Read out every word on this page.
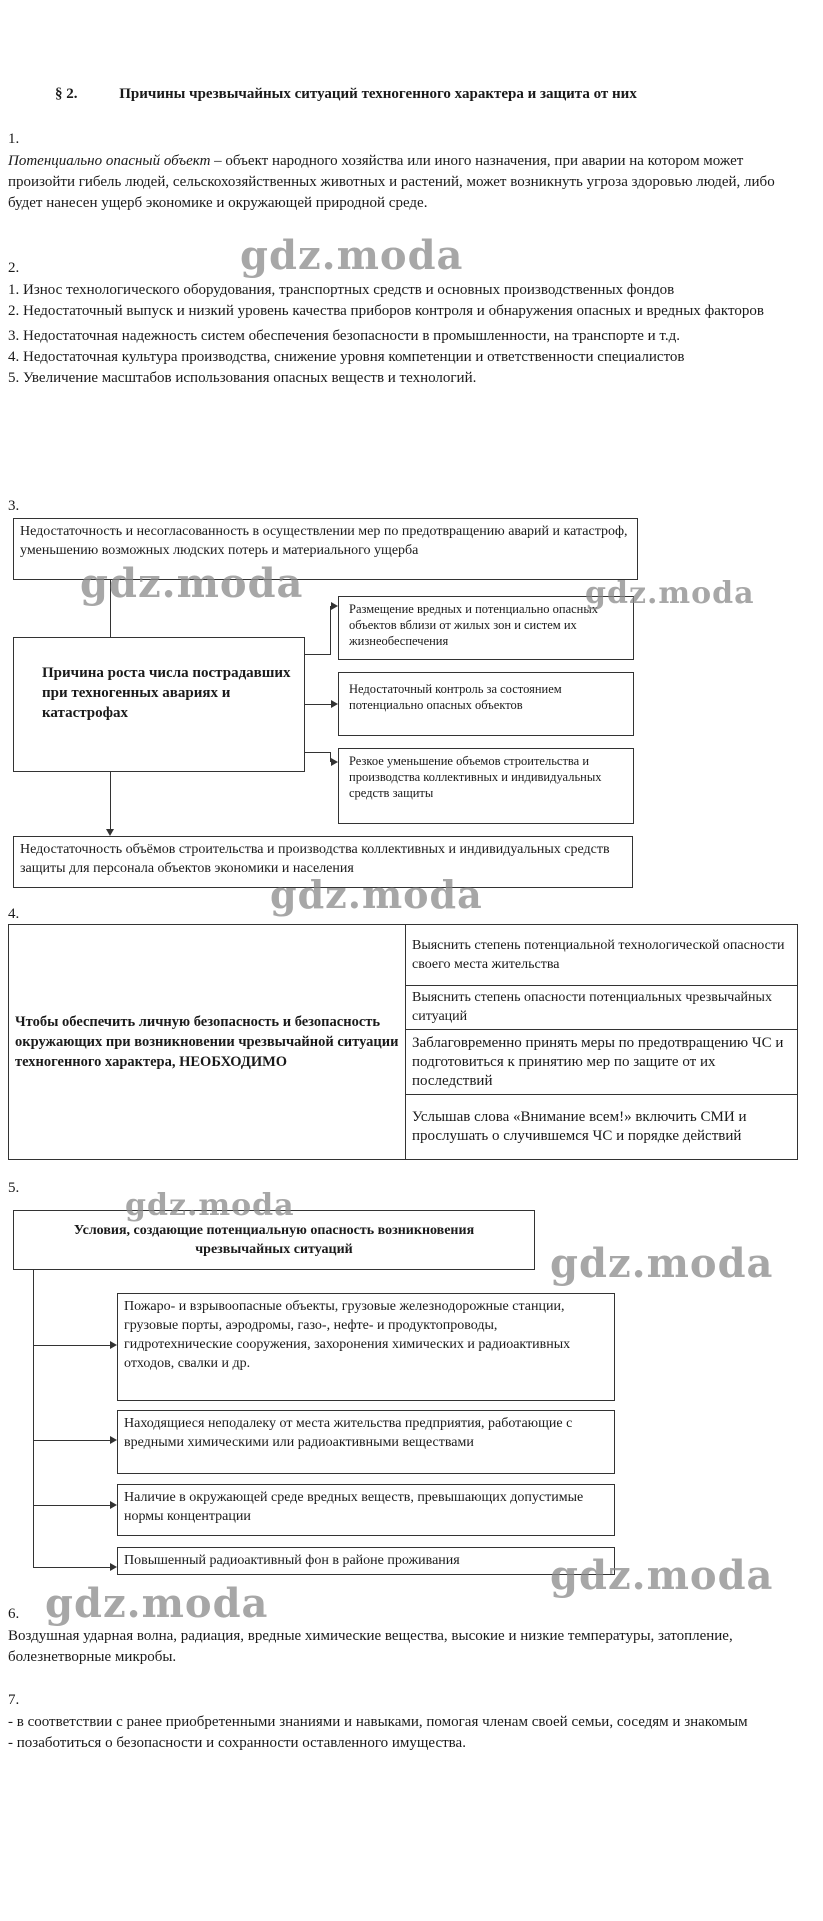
§ 2.	Причины чрезвычайных ситуаций техногенного характера и защита от них
1.
Потенциально опасный объект – объект народного хозяйства или иного назначения, при аварии на котором может произойти гибель людей, сельскохозяйственных животных и растений, может возникнуть угроза здоровью людей, либо будет нанесен ущерб экономике и окружающей природной среде.
2.
1. Износ технологического оборудования, транспортных средств и основных производственных фондов
2. Недостаточный выпуск и низкий уровень качества приборов контроля и обнаружения опасных и вредных факторов
3. Недостаточная надежность систем обеспечения безопасности в промышленности, на транспорте и т.д.
4. Недостаточная культура производства, снижение уровня компетенции и ответственности специалистов
5. Увеличение масштабов использования опасных веществ и технологий.
3.
Недостаточность и несогласованность в осуществлении мер по предотвращению аварий и катастроф, уменьшению возможных людских потерь и материального ущерба
Причина роста числа пострадавших при техногенных авариях и катастрофах
Размещение вредных и потенциально опасных объектов вблизи от жилых зон и систем их жизнеобеспечения
Недостаточный контроль за состоянием потенциально опасных объектов
Резкое уменьшение объемов строительства и производства коллективных и индивидуальных средств защиты
Недостаточность объёмов строительства и производства коллективных и индивидуальных средств защиты для персонала объектов экономики и населения
4.
Чтобы обеспечить личную безопасность и безопасность окружающих при возникновении чрезвычайной ситуации техногенного характера, НЕОБХОДИМО	Выяснить степень потенциальной технологической опасности своего места жительства
Выяснить степень опасности потенциальных чрезвычайных ситуаций
Заблаговременно принять меры по предотвращению ЧС и подготовиться к принятию мер по защите от их последствий
Услышав слова «Внимание всем!» включить СМИ и прослушать о случившемся ЧС и порядке действий
5.
Условия, создающие потенциальную опасность возникновения чрезвычайных ситуаций
Пожаро- и взрывоопасные объекты, грузовые железнодорожные станции, грузовые порты, аэродромы, газо-, нефте- и продуктопроводы, гидротехнические сооружения, захоронения химических и радиоактивных отходов, свалки и др.
Находящиеся неподалеку от места жительства предприятия, работающие с вредными химическими или радиоактивными веществами
Наличие в окружающей среде вредных веществ, превышающих допустимые нормы концентрации
Повышенный радиоактивный фон в районе проживания
6.
Воздушная ударная волна, радиация, вредные химические вещества, высокие и низкие температуры, затопление, болезнетворные микробы.
7.
- в соответствии с ранее приобретенными знаниями и навыками, помогая членам своей семьи, соседям и знакомым
- позаботиться о безопасности и сохранности оставленного имущества.
gdz.moda
gdz.moda	gdz.moda
gdz.moda
gdz.moda
gdz.moda
gdz.moda
gdz.moda
